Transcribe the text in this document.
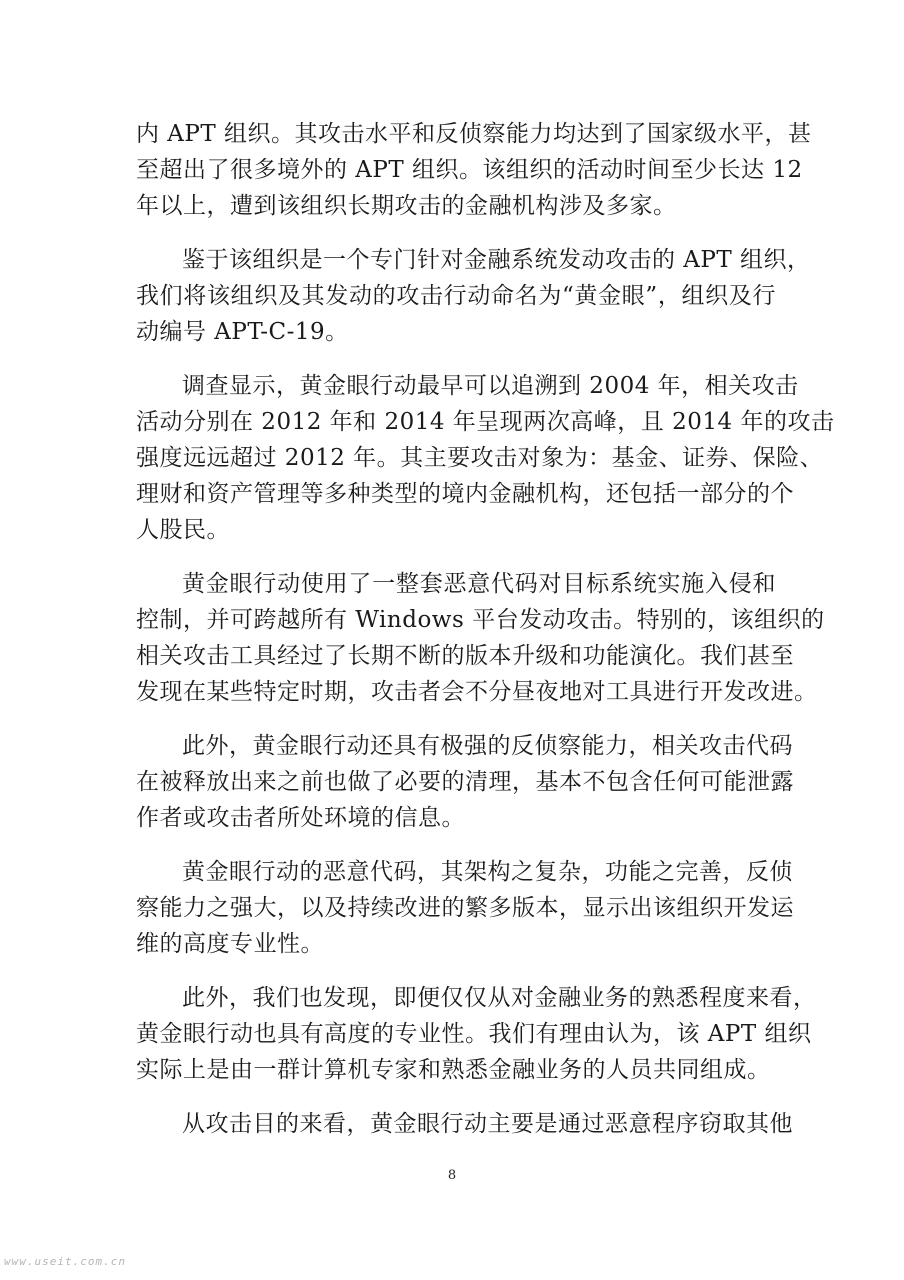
内 APT 组织。其攻击水平和反侦察能力均达到了国家级水平，甚
至超出了很多境外的 APT 组织。该组织的活动时间至少长达 12
年以上，遭到该组织长期攻击的金融机构涉及多家。

鉴于该组织是一个专门针对金融系统发动攻击的 APT 组织，
我们将该组织及其发动的攻击行动命名为“黄金眼”，组织及行
动编号 APT-C-19。

调查显示，黄金眼行动最早可以追溯到 2004 年，相关攻击
活动分别在 2012 年和 2014 年呈现两次高峰，且 2014 年的攻击
强度远远超过 2012 年。其主要攻击对象为：基金、证券、保险、
理财和资产管理等多种类型的境内金融机构，还包括一部分的个
人股民。

黄金眼行动使用了一整套恶意代码对目标系统实施入侵和
控制，并可跨越所有 Windows 平台发动攻击。特别的，该组织的
相关攻击工具经过了长期不断的版本升级和功能演化。我们甚至
发现在某些特定时期，攻击者会不分昼夜地对工具进行开发改进。

此外，黄金眼行动还具有极强的反侦察能力，相关攻击代码
在被释放出来之前也做了必要的清理，基本不包含任何可能泄露
作者或攻击者所处环境的信息。

黄金眼行动的恶意代码，其架构之复杂，功能之完善，反侦
察能力之强大，以及持续改进的繁多版本，显示出该组织开发运
维的高度专业性。

此外，我们也发现，即便仅仅从对金融业务的熟悉程度来看，
黄金眼行动也具有高度的专业性。我们有理由认为，该 APT 组织
实际上是由一群计算机专家和熟悉金融业务的人员共同组成。

从攻击目的来看，黄金眼行动主要是通过恶意程序窃取其他

8
www.useit.com.cn
